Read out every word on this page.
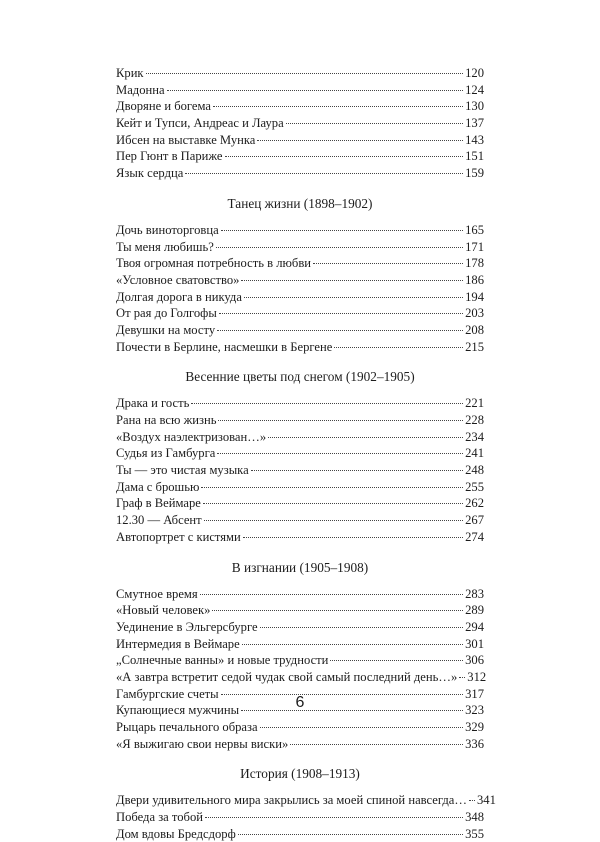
Крик	120
Мадонна	124
Дворяне и богема	130
Кейт и Тупси, Андреас и Лаура	137
Ибсен на выставке Мунка	143
Пер Гюнт в Париже	151
Язык сердца	159
Танец жизни (1898–1902)
Дочь виноторговца	165
Ты меня любишь?	171
Твоя огромная потребность в любви	178
«Условное сватовство»	186
Долгая дорога в никуда	194
От рая до Голгофы	203
Девушки на мосту	208
Почести в Берлине, насмешки в Бергене	215
Весенние цветы под снегом (1902–1905)
Драка и гость	221
Рана на всю жизнь	228
«Воздух наэлектризован…»	234
Судья из Гамбурга	241
Ты — это чистая музыка	248
Дама с брошью	255
Граф в Веймаре	262
12.30 — Абсент	267
Автопортрет с кистями	274
В изгнании (1905–1908)
Смутное время	283
«Новый человек»	289
Уединение в Эльгерсбурге	294
Интермедия в Веймаре	301
„Солнечные ванны» и новые трудности	306
«А завтра встретит седой чудак свой самый последний день…» 312
Гамбургские счеты	317
Купающиеся мужчины	323
Рыцарь печального образа	329
«Я выжигаю свои нервы виски»	336
История (1908–1913)
Двери удивительного мира закрылись за моей спиной навсегда… 341
Победа за тобой	348
Дом вдовы Бредсдорф	355
6
